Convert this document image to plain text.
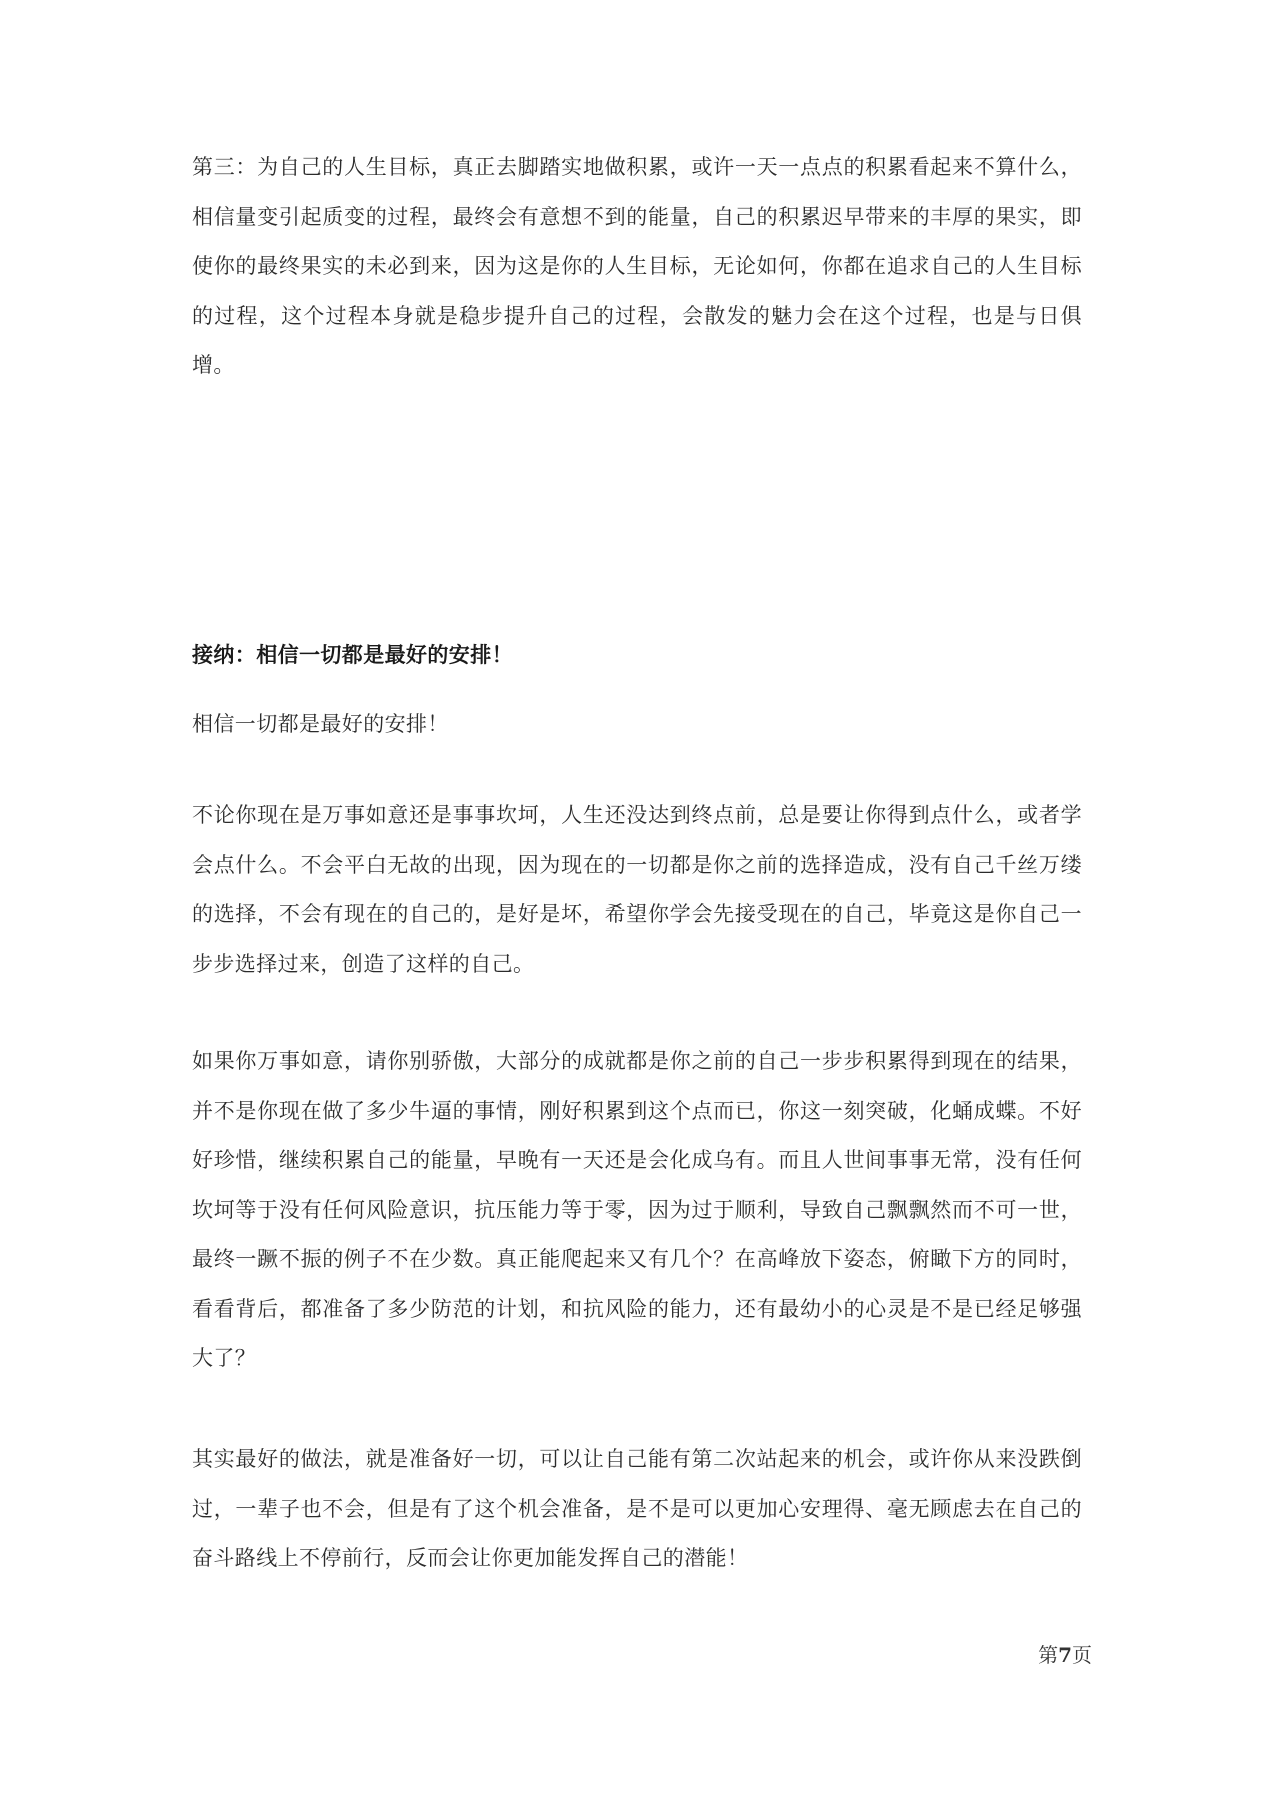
第三：为自己的人生目标，真正去脚踏实地做积累，或许一天一点点的积累看起来不算什么，相信量变引起质变的过程，最终会有意想不到的能量，自己的积累迟早带来的丰厚的果实，即使你的最终果实的未必到来，因为这是你的人生目标，无论如何，你都在追求自己的人生目标的过程，这个过程本身就是稳步提升自己的过程，会散发的魅力会在这个过程，也是与日俱增。

接纳：相信一切都是最好的安排！

相信一切都是最好的安排！

不论你现在是万事如意还是事事坎坷，人生还没达到终点前，总是要让你得到点什么，或者学会点什么。不会平白无故的出现，因为现在的一切都是你之前的选择造成，没有自己千丝万缕的选择，不会有现在的自己的，是好是坏，希望你学会先接受现在的自己，毕竟这是你自己一步步选择过来，创造了这样的自己。

如果你万事如意，请你别骄傲，大部分的成就都是你之前的自己一步步积累得到现在的结果，并不是你现在做了多少牛逼的事情，刚好积累到这个点而已，你这一刻突破，化蛹成蝶。不好好珍惜，继续积累自己的能量，早晚有一天还是会化成乌有。而且人世间事事无常，没有任何坎坷等于没有任何风险意识，抗压能力等于零，因为过于顺利，导致自己飘飘然而不可一世，最终一蹶不振的例子不在少数。真正能爬起来又有几个？在高峰放下姿态，俯瞰下方的同时，看看背后，都准备了多少防范的计划，和抗风险的能力，还有最幼小的心灵是不是已经足够强大了？

其实最好的做法，就是准备好一切，可以让自己能有第二次站起来的机会，或许你从来没跌倒过，一辈子也不会，但是有了这个机会准备，是不是可以更加心安理得、毫无顾虑去在自己的奋斗路线上不停前行，反而会让你更加能发挥自己的潜能！

第7页
